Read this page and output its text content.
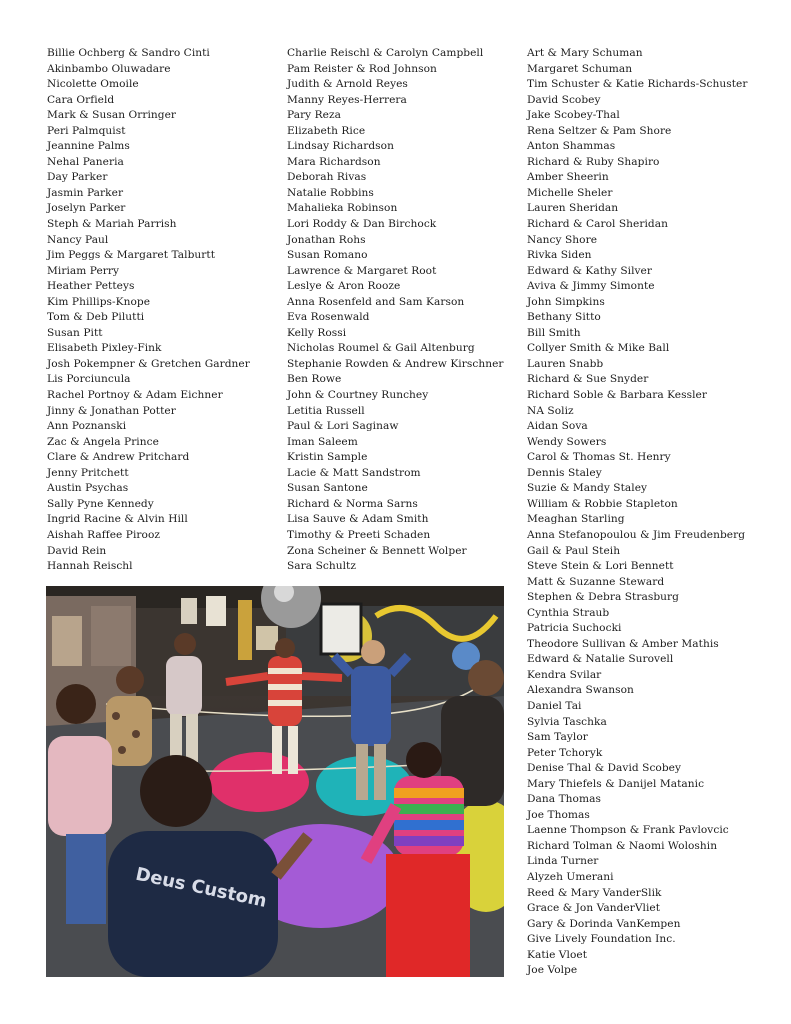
Billie Ochberg & Sandro Cinti
Akinbambo Oluwadare
Nicolette Omoile
Cara Orfield
Mark & Susan Orringer
Peri Palmquist
Jeannine Palms
Nehal Paneria
Day Parker
Jasmin Parker
Joselyn Parker
Steph & Mariah Parrish
Nancy Paul
Jim Peggs & Margaret Talburtt
Miriam Perry
Heather Petteys
Kim Phillips-Knope
Tom & Deb Pilutti
Susan Pitt
Elisabeth Pixley-Fink
Josh Pokempner & Gretchen Gardner
Lis Porciuncula
Rachel Portnoy & Adam Eichner
Jinny & Jonathan Potter
Ann Poznanski
Zac & Angela Prince
Clare & Andrew Pritchard
Jenny Pritchett
Austin Psychas
Sally Pyne Kennedy
Ingrid Racine & Alvin Hill
Aishah Raffee Pirooz
David Rein
Hannah Reischl
Charlie Reischl & Carolyn Campbell
Pam Reister & Rod Johnson
Judith & Arnold Reyes
Manny Reyes-Herrera
Pary Reza
Elizabeth Rice
Lindsay Richardson
Mara Richardson
Deborah Rivas
Natalie Robbins
Mahalieka Robinson
Lori Roddy & Dan Birchock
Jonathan Rohs
Susan Romano
Lawrence & Margaret Root
Leslye & Aron Rooze
Anna Rosenfeld and Sam Karson
Eva Rosenwald
Kelly Rossi
Nicholas Roumel & Gail Altenburg
Stephanie Rowden & Andrew Kirschner
Ben Rowe
John & Courtney Runchey
Letitia Russell
Paul & Lori Saginaw
Iman Saleem
Kristin Sample
Lacie & Matt Sandstrom
Susan Santone
Richard & Norma Sarns
Lisa Sauve & Adam Smith
Timothy & Preeti Schaden
Zona Scheiner & Bennett Wolper
Sara Schultz
Art & Mary Schuman
Margaret Schuman
Tim Schuster & Katie Richards-Schuster
David Scobey
Jake Scobey-Thal
Rena Seltzer & Pam Shore
Anton Shammas
Richard & Ruby Shapiro
Amber Sheerin
Michelle Sheler
Lauren Sheridan
Richard & Carol Sheridan
Nancy Shore
Rivka Siden
Edward & Kathy Silver
Aviva & Jimmy Simonte
John Simpkins
Bethany Sitto
Bill Smith
Collyer Smith & Mike Ball
Lauren Snabb
Richard & Sue Snyder
Richard Soble & Barbara Kessler
NA Soliz
Aidan Sova
Wendy Sowers
Carol & Thomas St. Henry
Dennis Staley
Suzie & Mandy Staley
William & Robbie Stapleton
Meaghan Starling
Anna Stefanopoulou & Jim Freudenberg
Gail & Paul Steih
Steve Stein & Lori Bennett
Matt & Suzanne Steward
Stephen & Debra Strasburg
Cynthia Straub
Patricia Suchocki
Theodore Sullivan & Amber Mathis
Edward & Natalie Surovell
Kendra Svilar
Alexandra Swanson
Daniel Tai
Sylvia Taschka
Sam Taylor
Peter Tchoryk
Denise Thal & David Scobey
Mary Thiefels & Danijel Matanic
Dana Thomas
Joe Thomas
Laenne Thompson & Frank Pavlovcic
Richard Tolman & Naomi Woloshin
Linda Turner
Alyzeh Umerani
Reed & Mary VanderSlik
Grace & Jon VanderVliet
Gary & Dorinda VanKempen
Give Lively Foundation Inc.
Katie Vloet
Joe Volpe
Deus Custom
